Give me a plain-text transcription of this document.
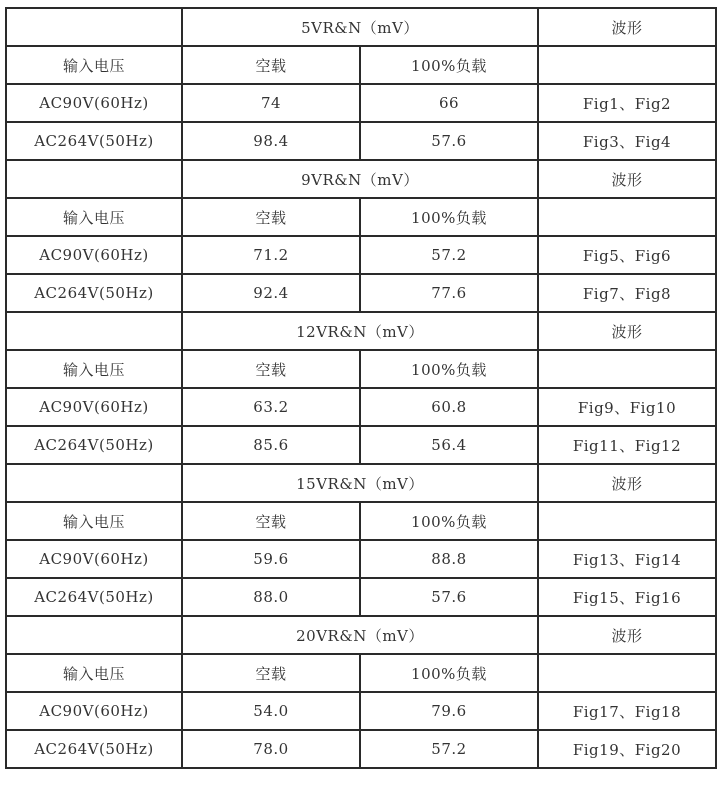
	5VR&N（mV）		波形
输入电压	空载	100%负载	
AC90V(60Hz)	74	66	Fig1、Fig2
AC264V(50Hz)	98.4	57.6	Fig3、Fig4
	9VR&N（mV）		波形
输入电压	空载	100%负载	
AC90V(60Hz)	71.2	57.2	Fig5、Fig6
AC264V(50Hz)	92.4	77.6	Fig7、Fig8
	12VR&N（mV）		波形
输入电压	空载	100%负载	
AC90V(60Hz)	63.2	60.8	Fig9、Fig10
AC264V(50Hz)	85.6	56.4	Fig11、Fig12
	15VR&N（mV）		波形
输入电压	空载	100%负载	
AC90V(60Hz)	59.6	88.8	Fig13、Fig14
AC264V(50Hz)	88.0	57.6	Fig15、Fig16
	20VR&N（mV）		波形
输入电压	空载	100%负载	
AC90V(60Hz)	54.0	79.6	Fig17、Fig18
AC264V(50Hz)	78.0	57.2	Fig19、Fig20
